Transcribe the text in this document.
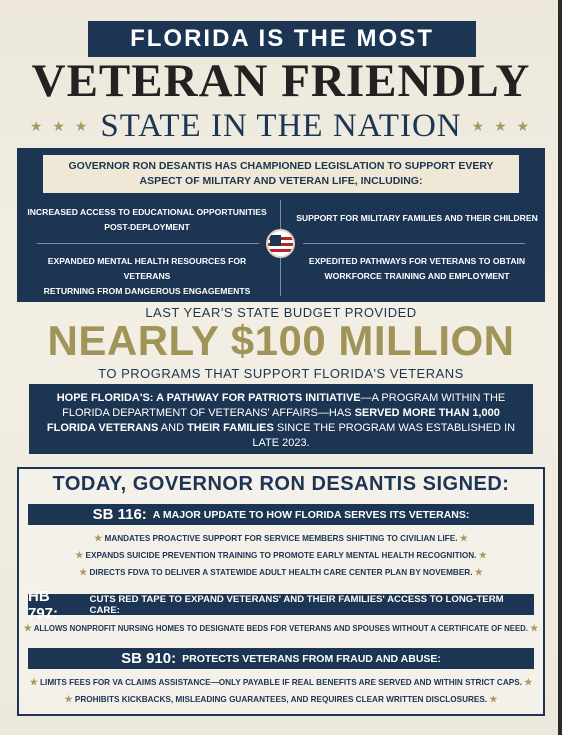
FLORIDA IS THE MOST
VETERAN FRIENDLY
★ ★ ★ STATE IN THE NATION ★ ★ ★
GOVERNOR RON DESANTIS HAS CHAMPIONED LEGISLATION TO SUPPORT EVERY ASPECT OF MILITARY AND VETERAN LIFE, INCLUDING:
INCREASED ACCESS TO EDUCATIONAL OPPORTUNITIES
POST-DEPLOYMENT
SUPPORT FOR MILITARY FAMILIES AND THEIR CHILDREN
EXPANDED MENTAL HEALTH RESOURCES FOR VETERANS
RETURNING FROM DANGEROUS ENGAGEMENTS
EXPEDITED PATHWAYS FOR VETERANS TO OBTAIN
WORKFORCE TRAINING AND EMPLOYMENT
LAST YEAR'S STATE BUDGET PROVIDED
NEARLY $100 MILLION
TO PROGRAMS THAT SUPPORT FLORIDA'S VETERANS
HOPE FLORIDA'S: A PATHWAY FOR PATRIOTS INITIATIVE—A PROGRAM WITHIN THE FLORIDA DEPARTMENT OF VETERANS' AFFAIRS—HAS SERVED MORE THAN 1,000 FLORIDA VETERANS AND THEIR FAMILIES SINCE THE PROGRAM WAS ESTABLISHED IN LATE 2023.
TODAY, GOVERNOR RON DESANTIS SIGNED:
SB 116: A MAJOR UPDATE TO HOW FLORIDA SERVES ITS VETERANS:
★ MANDATES PROACTIVE SUPPORT FOR SERVICE MEMBERS SHIFTING TO CIVILIAN LIFE. ★
★ EXPANDS SUICIDE PREVENTION TRAINING TO PROMOTE EARLY MENTAL HEALTH RECOGNITION. ★
★ DIRECTS FDVA TO DELIVER A STATEWIDE ADULT HEALTH CARE CENTER PLAN BY NOVEMBER. ★
HB 797:
CUTS RED TAPE TO EXPAND VETERANS' AND THEIR FAMILIES' ACCESS TO LONG-TERM CARE:
★ ALLOWS NONPROFIT NURSING HOMES TO DESIGNATE BEDS FOR VETERANS AND SPOUSES WITHOUT A CERTIFICATE OF NEED. ★
SB 910: PROTECTS VETERANS FROM FRAUD AND ABUSE:
★ LIMITS FEES FOR VA CLAIMS ASSISTANCE—ONLY PAYABLE IF REAL BENEFITS ARE SERVED AND WITHIN STRICT CAPS. ★
★ PROHIBITS KICKBACKS, MISLEADING GUARANTEES, AND REQUIRES CLEAR WRITTEN DISCLOSURES. ★
